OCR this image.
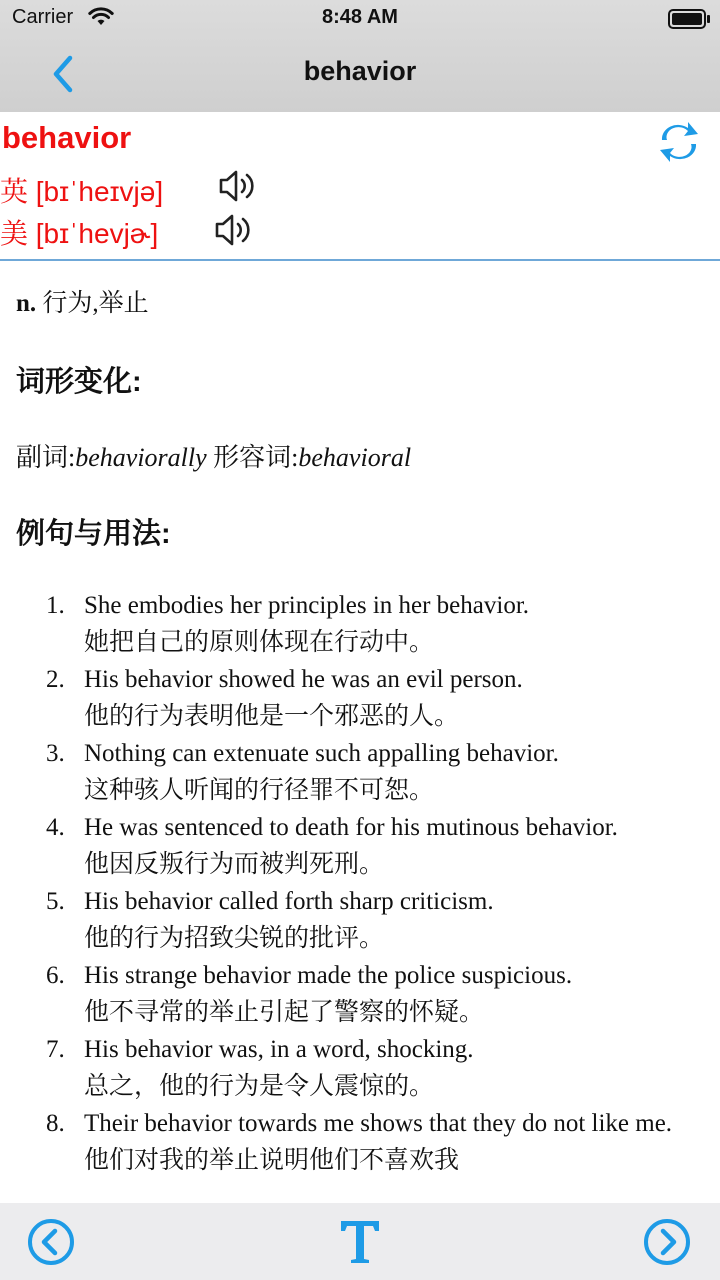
Carrier	8:48 AM
behavior
behavior
英 [bɪˈheɪvjə]
美 [bɪˈhevjɚ]
n. 行为,举止
词形变化:
副词:behaviorally 形容词:behavioral
例句与用法:
1. She embodies her principles in her behavior.
她把自己的原则体现在行动中。
2. His behavior showed he was an evil person.
他的行为表明他是一个邪恶的人。
3. Nothing can extenuate such appalling behavior.
这种骇人听闻的行径罪不可恕。
4. He was sentenced to death for his mutinous behavior.
他因反叛行为而被判死刑。
5. His behavior called forth sharp criticism.
他的行为招致尖锐的批评。
6. His strange behavior made the police suspicious.
他不寻常的举止引起了警察的怀疑。
7. His behavior was, in a word, shocking.
总之，他的行为是令人震惊的。
8. Their behavior towards me shows that they do not like me.
他们对我的举止说明他们不喜欢我
